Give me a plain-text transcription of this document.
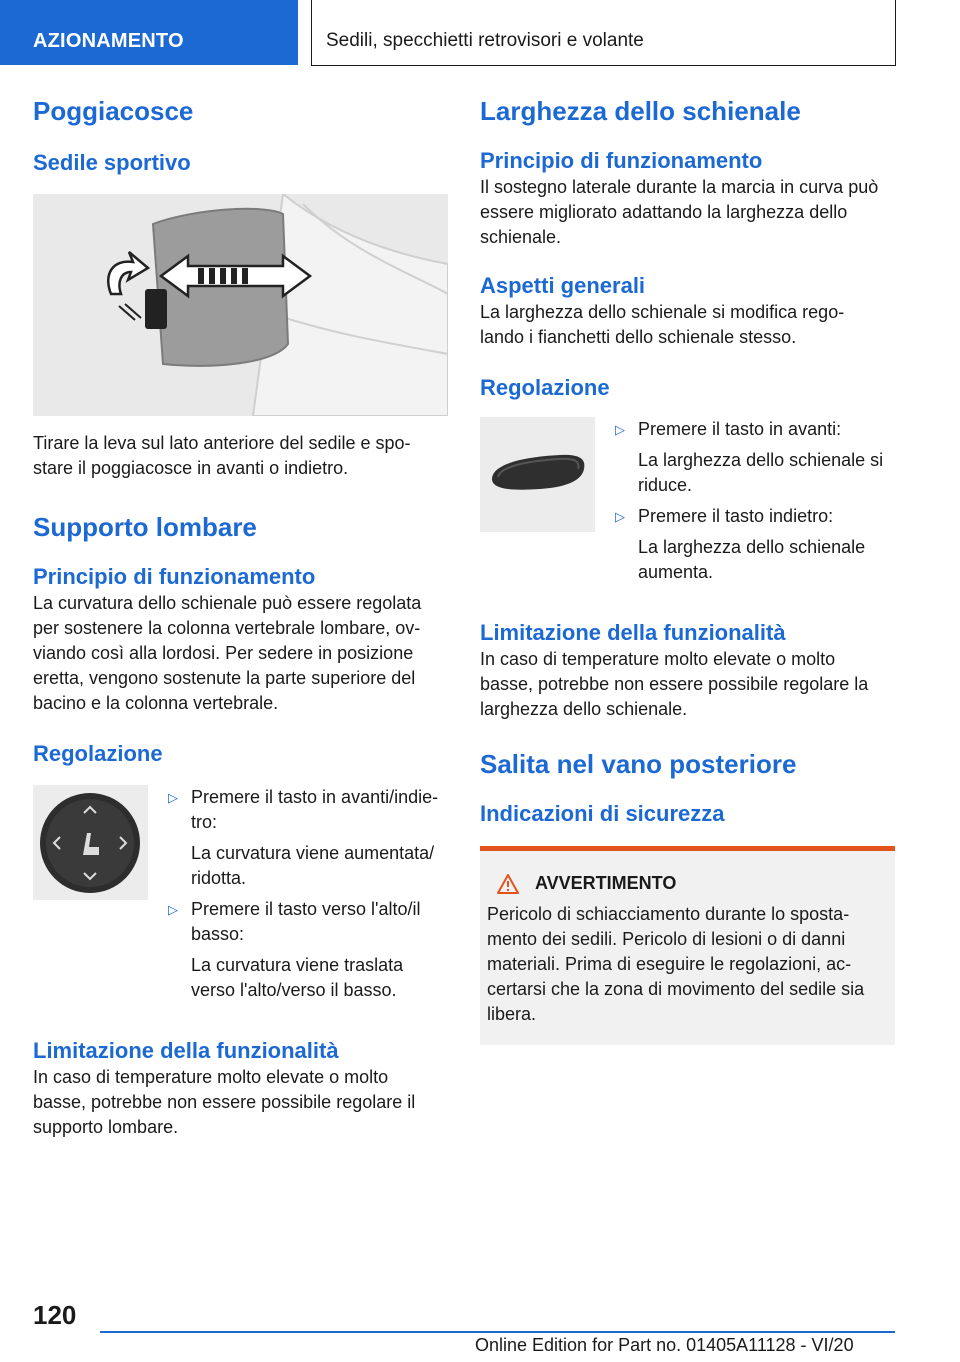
AZIONAMENTO	Sedili, specchietti retrovisori e volante
Poggiacosce
Sedile sportivo
Tirare la leva sul lato anteriore del sedile e spo-
stare il poggiacosce in avanti o indietro.
Supporto lombare
Principio di funzionamento
La curvatura dello schienale può essere regolata
per sostenere la colonna vertebrale lombare, ov-
viando così alla lordosi. Per sedere in posizione
eretta, vengono sostenute la parte superiore del
bacino e la colonna vertebrale.
Regolazione
▷ Premere il tasto in avanti/indie-
tro:
La curvatura viene aumentata/
ridotta.
▷ Premere il tasto verso l'alto/il
basso:
La curvatura viene traslata
verso l'alto/verso il basso.
Limitazione della funzionalità
In caso di temperature molto elevate o molto
basse, potrebbe non essere possibile regolare il
supporto lombare.
Larghezza dello schienale
Principio di funzionamento
Il sostegno laterale durante la marcia in curva può
essere migliorato adattando la larghezza dello
schienale.
Aspetti generali
La larghezza dello schienale si modifica rego-
lando i fianchetti dello schienale stesso.
Regolazione
▷ Premere il tasto in avanti:
La larghezza dello schienale si
riduce.
▷ Premere il tasto indietro:
La larghezza dello schienale
aumenta.
Limitazione della funzionalità
In caso di temperature molto elevate o molto
basse, potrebbe non essere possibile regolare la
larghezza dello schienale.
Salita nel vano posteriore
Indicazioni di sicurezza
AVVERTIMENTO
Pericolo di schiacciamento durante lo sposta-
mento dei sedili. Pericolo di lesioni o di danni
materiali. Prima di eseguire le regolazioni, ac-
certarsi che la zona di movimento del sedile sia
libera.
120
Online Edition for Part no. 01405A11128 - VI/20
